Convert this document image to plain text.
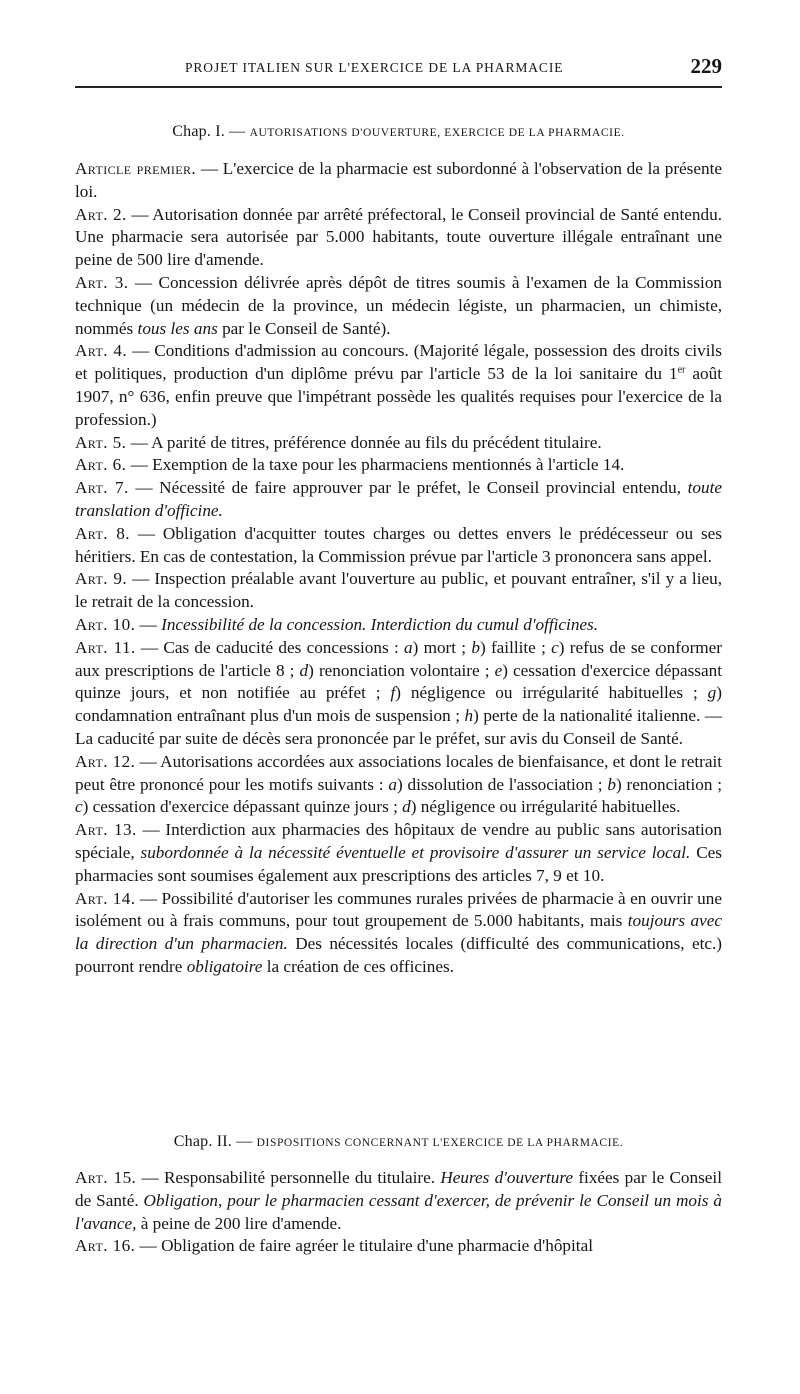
PROJET ITALIEN SUR L'EXERCICE DE LA PHARMACIE	229
Chap. I. — AUTORISATIONS D'OUVERTURE, EXERCICE DE LA PHARMACIE.

Article premier. — L'exercice de la pharmacie est subordonné à l'observation de la présente loi.

Art. 2. — Autorisation donnée par arrêté préfectoral, le Conseil provincial de Santé entendu. Une pharmacie sera autorisée par 5.000 habitants, toute ouverture illégale entraînant une peine de 500 lire d'amende.

Art. 3. — Concession délivrée après dépôt de titres soumis à l'examen de la Commission technique (un médecin de la province, un médecin légiste, un pharmacien, un chimiste, nommés tous les ans par le Conseil de Santé).

Art. 4. — Conditions d'admission au concours. (Majorité légale, possession des droits civils et politiques, production d'un diplôme prévu par l'article 53 de la loi sanitaire du 1er août 1907, n° 636, enfin preuve que l'impétrant possède les qualités requises pour l'exercice de la profession.)

Art. 5. — A parité de titres, préférence donnée au fils du précédent titulaire.

Art. 6. — Exemption de la taxe pour les pharmaciens mentionnés à l'article 14.

Art. 7. — Nécessité de faire approuver par le préfet, le Conseil provincial entendu, toute translation d'officine.

Art. 8. — Obligation d'acquitter toutes charges ou dettes envers le prédécesseur ou ses héritiers. En cas de contestation, la Commission prévue par l'article 3 prononcera sans appel.

Art. 9. — Inspection préalable avant l'ouverture au public, et pouvant entraîner, s'il y a lieu, le retrait de la concession.

Art. 10. — Incessibilité de la concession. Interdiction du cumul d'officines.

Art. 11. — Cas de caducité des concessions : a) mort ; b) faillite ; c) refus de se conformer aux prescriptions de l'article 8 ; d) renonciation volontaire ; e) cessation d'exercice dépassant quinze jours, et non notifiée au préfet ; f) négligence ou irrégularité habituelles ; g) condamnation entraînant plus d'un mois de suspension ; h) perte de la nationalité italienne. — La caducité par suite de décès sera prononcée par le préfet, sur avis du Conseil de Santé.

Art. 12. — Autorisations accordées aux associations locales de bienfaisance, et dont le retrait peut être prononcé pour les motifs suivants : a) dissolution de l'association ; b) renonciation ; c) cessation d'exercice dépassant quinze jours ; d) négligence ou irrégularité habituelles.

Art. 13. — Interdiction aux pharmacies des hôpitaux de vendre au public sans autorisation spéciale, subordonnée à la nécessité éventuelle et provisoire d'assurer un service local. Ces pharmacies sont soumises également aux prescriptions des articles 7, 9 et 10.

Art. 14. — Possibilité d'autoriser les communes rurales privées de pharmacie à en ouvrir une isolément ou à frais communs, pour tout groupement de 5.000 habitants, mais toujours avec la direction d'un pharmacien. Des nécessités locales (difficulté des communications, etc.) pourront rendre obligatoire la création de ces officines.

Chap. II. — DISPOSITIONS CONCERNANT L'EXERCICE DE LA PHARMACIE.

Art. 15. — Responsabilité personnelle du titulaire. Heures d'ouverture fixées par le Conseil de Santé. Obligation, pour le pharmacien cessant d'exercer, de prévenir le Conseil un mois à l'avance, à peine de 200 lire d'amende.

Art. 16. — Obligation de faire agréer le titulaire d'une pharmacie d'hôpital
